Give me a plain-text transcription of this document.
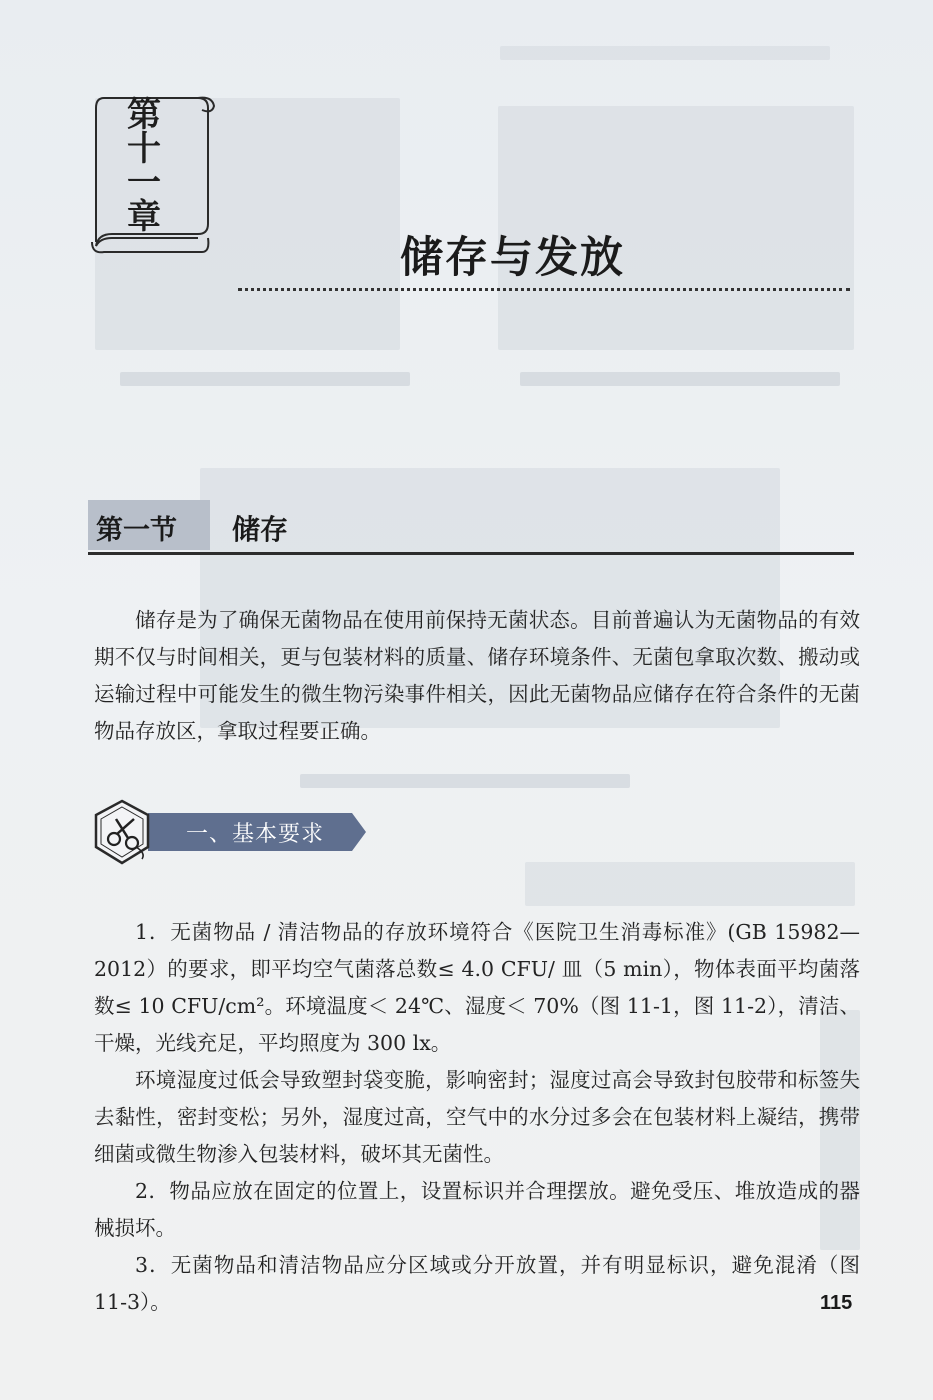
第十一章
储存与发放
第一节 储存
储存是为了确保无菌物品在使用前保持无菌状态。目前普遍认为无菌物品的有效期不仅与时间相关，更与包装材料的质量、储存环境条件、无菌包拿取次数、搬动或运输过程中可能发生的微生物污染事件相关，因此无菌物品应储存在符合条件的无菌物品存放区，拿取过程要正确。
一、基本要求
1．无菌物品 / 清洁物品的存放环境符合《医院卫生消毒标准》(GB 15982—2012）的要求，即平均空气菌落总数≤ 4.0 CFU/ 皿（5 min），物体表面平均菌落数≤ 10 CFU/cm²。环境温度＜ 24℃、湿度＜ 70%（图 11-1，图 11-2），清洁、干燥，光线充足，平均照度为 300 lx。
环境湿度过低会导致塑封袋变脆，影响密封；湿度过高会导致封包胶带和标签失去黏性，密封变松；另外，湿度过高，空气中的水分过多会在包装材料上凝结，携带细菌或微生物渗入包装材料，破坏其无菌性。
2．物品应放在固定的位置上，设置标识并合理摆放。避免受压、堆放造成的器械损坏。
3．无菌物品和清洁物品应分区域或分开放置，并有明显标识，避免混淆（图 11-3）。	115
